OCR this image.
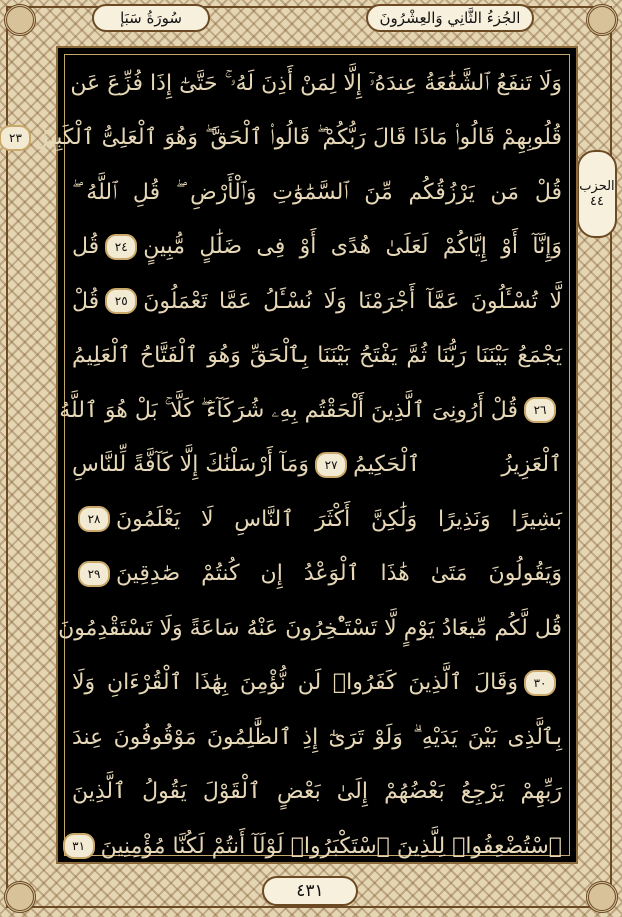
سُورَةُ سَبَإ	الجُزءُ الثَّانِي وَالعِشْرُونَ
الحزب
٤٤
وَلَا تَنفَعُ ٱلشَّفَٰعَةُ عِندَهُۥٓ إِلَّا لِمَنْ أَذِنَ لَهُۥ ۚ حَتَّىٰٓ إِذَا فُزِّعَ عَن
قُلُوبِهِمْ قَالُوا۟ مَاذَا قَالَ رَبُّكُمْ ۖ قَالُوا۟ ٱلْحَقَّ ۖ وَهُوَ ٱلْعَلِىُّ ٱلْكَبِيرُ
٢٣
قُلْ مَن يَرْزُقُكُم مِّنَ ٱلسَّمَٰوَٰتِ وَٱلْأَرْضِ ۖ قُلِ ٱللَّهُ ۖ
وَإِنَّآ أَوْ إِيَّاكُمْ لَعَلَىٰ هُدًى أَوْ فِى ضَلَٰلٍ مُّبِينٍ
٢٤
قُل
لَّا تُسْـَٔلُونَ عَمَّآ أَجْرَمْنَا وَلَا نُسْـَٔلُ عَمَّا تَعْمَلُونَ
٢٥
قُلْ
يَجْمَعُ بَيْنَنَا رَبُّنَا ثُمَّ يَفْتَحُ بَيْنَنَا بِٱلْحَقِّ وَهُوَ ٱلْفَتَّاحُ ٱلْعَلِيمُ
٢٦
قُلْ أَرُونِىَ ٱلَّذِينَ أَلْحَقْتُم بِهِۦ شُرَكَآءَ ۖ كَلَّا ۚ بَلْ هُوَ ٱللَّهُ
ٱلْعَزِيزُ ٱلْحَكِيمُ
٢٧
وَمَآ أَرْسَلْنَٰكَ إِلَّا كَآفَّةً لِّلنَّاسِ
بَشِيرًا وَنَذِيرًا وَلَٰكِنَّ أَكْثَرَ ٱلنَّاسِ لَا يَعْلَمُونَ
٢٨
وَيَقُولُونَ مَتَىٰ هَٰذَا ٱلْوَعْدُ إِن كُنتُمْ صَٰدِقِينَ
٢٩
قُل لَّكُم مِّيعَادُ يَوْمٍ لَّا تَسْتَـْٔخِرُونَ عَنْهُ سَاعَةً وَلَا تَسْتَقْدِمُونَ
٣٠
وَقَالَ ٱلَّذِينَ كَفَرُوا۟ لَن نُّؤْمِنَ بِهَٰذَا ٱلْقُرْءَانِ وَلَا
بِٱلَّذِى بَيْنَ يَدَيْهِ ۗ وَلَوْ تَرَىٰٓ إِذِ ٱلظَّٰلِمُونَ مَوْقُوفُونَ عِندَ
رَبِّهِمْ يَرْجِعُ بَعْضُهُمْ إِلَىٰ بَعْضٍ ٱلْقَوْلَ يَقُولُ ٱلَّذِينَ
ٱسْتُضْعِفُوا۟ لِلَّذِينَ ٱسْتَكْبَرُوا۟ لَوْلَآ أَنتُمْ لَكُنَّا مُؤْمِنِينَ
٣١
٤٣١
